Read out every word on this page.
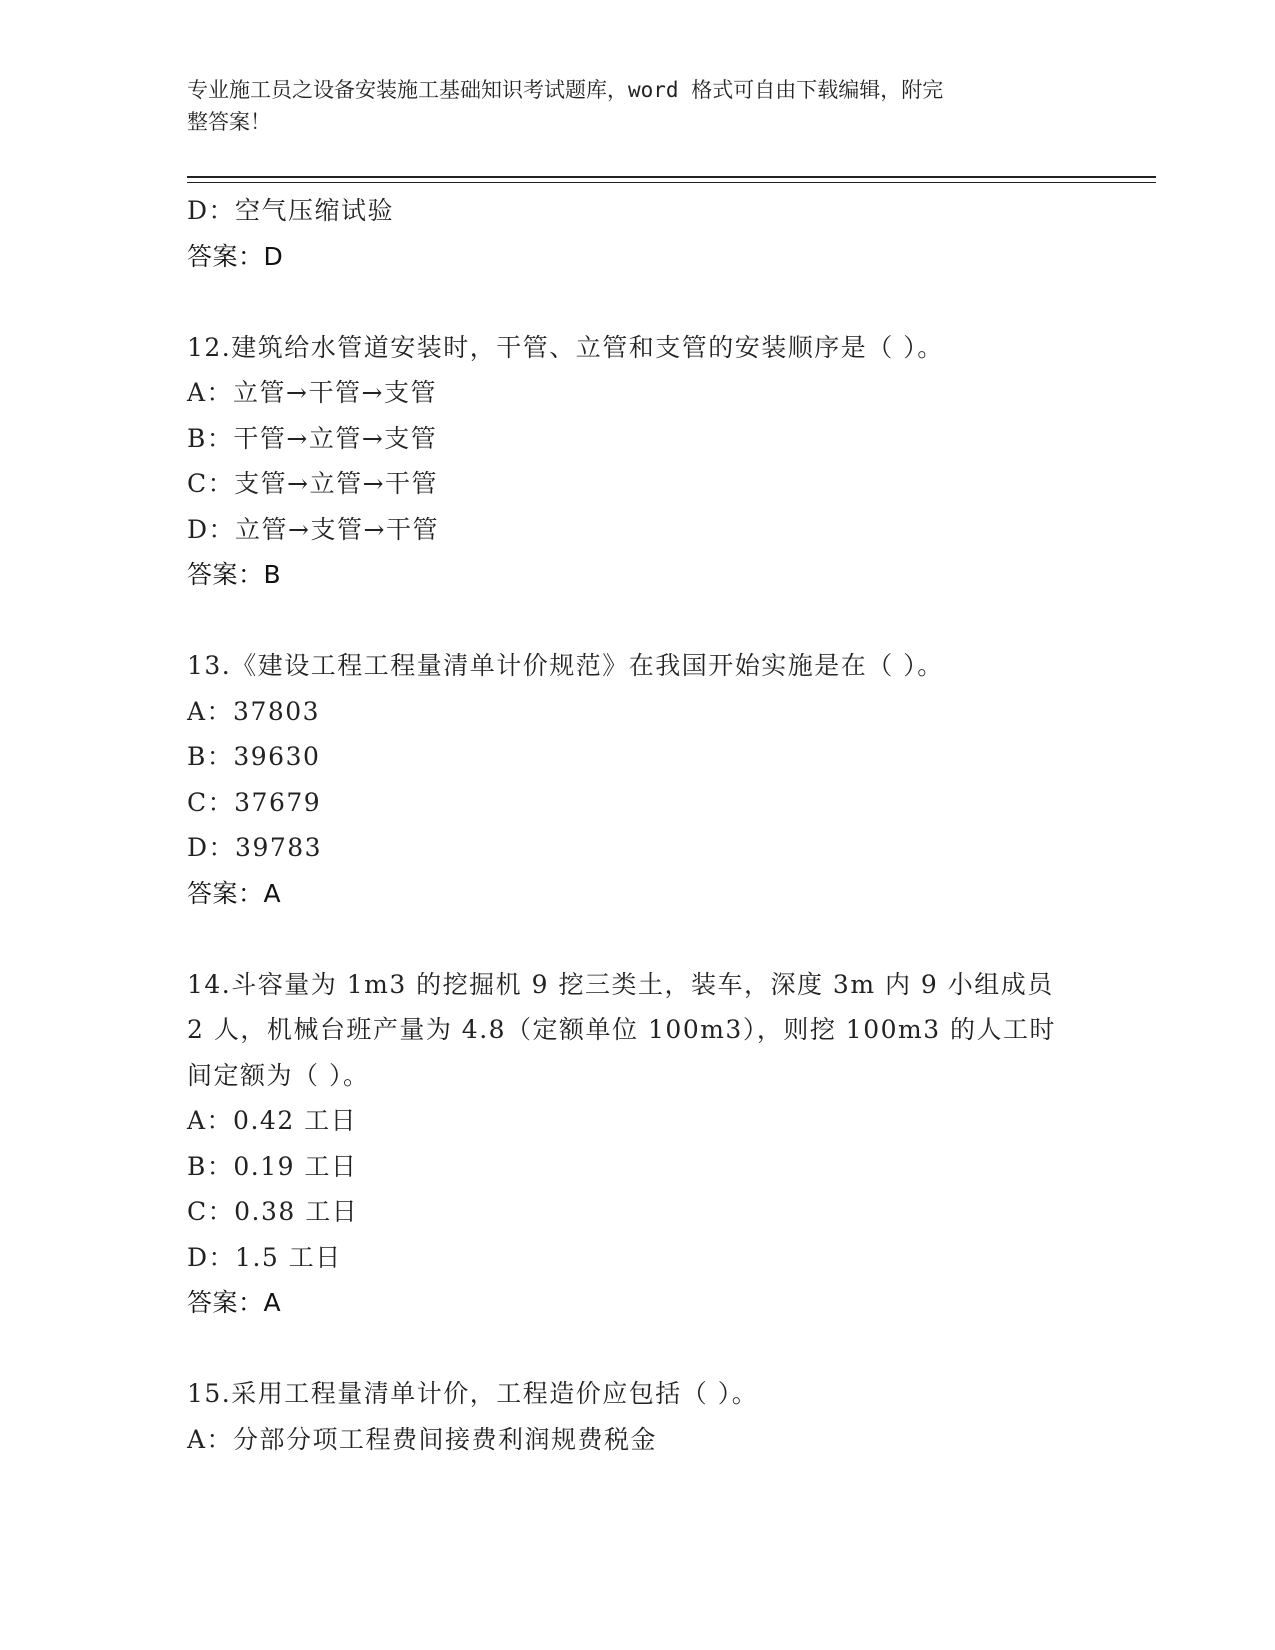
专业施工员之设备安装施工基础知识考试题库，word 格式可自由下载编辑，附完
整答案！
D：空气压缩试验
答案：D
12.建筑给水管道安装时，干管、立管和支管的安装顺序是（ ）。
A：立管→干管→支管
B：干管→立管→支管
C：支管→立管→干管
D：立管→支管→干管
答案：B
13.《建设工程工程量清单计价规范》在我国开始实施是在（ ）。
A：37803
B：39630
C：37679
D：39783
答案：A
14.斗容量为 1m3 的挖掘机 9 挖三类土，装车，深度 3m 内 9 小组成员
2 人，机械台班产量为 4.8（定额单位 100m3），则挖 100m3 的人工时
间定额为（ ）。
A：0.42 工日
B：0.19 工日
C：0.38 工日
D：1.5 工日
答案：A
15.采用工程量清单计价，工程造价应包括（ ）。
A：分部分项工程费间接费利润规费税金
